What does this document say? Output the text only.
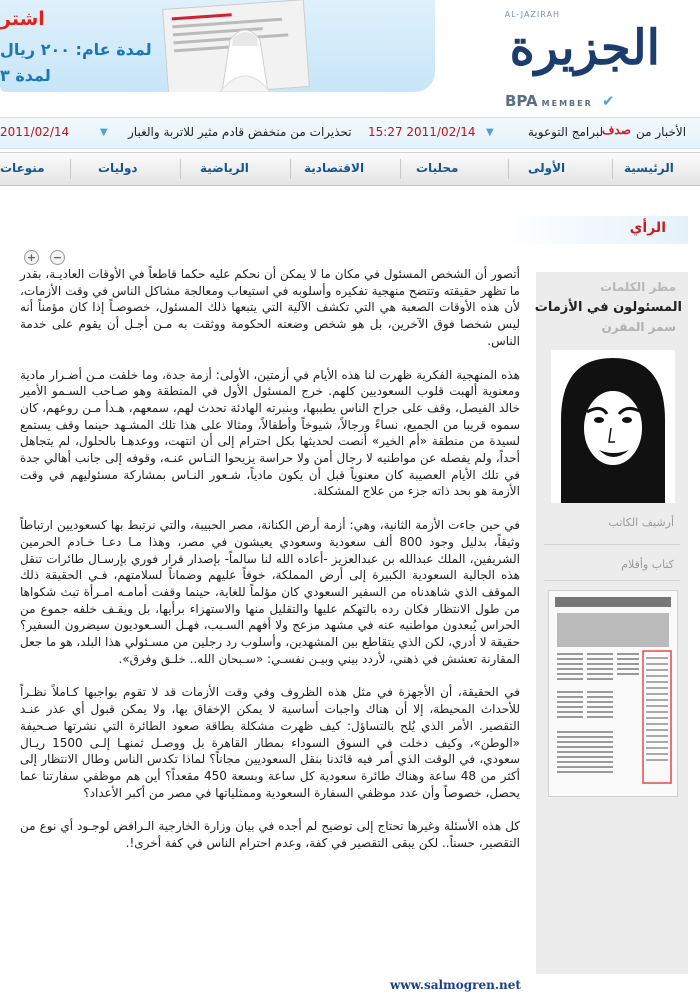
اشتر
لمدة عام: ٢٠٠ ريال
لمدة ٣
AL-JAZIRAH
الجزيرة
BPA MEMBER ✔
2011/02/14	▼ تحذيرات من منخفض قادم مثير للاتربة والغبار 15:27 2011/02/14 ▼	لبرامج التوعوية
صدف الأخبار من
الرئيسية
الأولى
محليات
الاقتصادية
الرياضية
دوليات
منوعات
الرأي
+ −

أتصور أن الشخص المسئول في مكان ما لا يمكن أن نحكم عليه حكما قاطعاً في الأوقات العاديـة، بقدر ما تظهر حقيقته وتتضح منهجية تفكيره وأسلوبه في استيعاب ومعالجة مشاكل الناس في وقت الأزمات، لأن هذه الأوقات الصعبة هي التي تكشف الآلية التي يتبعها ذلك المسئول، خصوصـاً إذا كان مؤمناً أنه ليس شخصا فوق الآخرين، بل هو شخص وضعته الحكومة ووثقت به مـن أجـل أن يقوم على خدمة الناس.

هذه المنهجية الفكرية ظهرت لنا هذه الأيام في أزمتين، الأولى: أزمة جدة، وما خلفت مـن أضـرار مادية ومعنوية ألهبت قلوب السعوديين كلهم. خرج المسئول الأول في المنطقة وهو صـاحب السـمو الأمير خالد الفيصل، وقف على جراح الناس يطببها، وبنبرته الهادئة تحدث لهم، سمعهم، هـدأ مـن روعهم، كان سموه قريبا من الجميع، نساءً ورجالاً، شيوخاً وأطفالاً، ومثالا على هذا تلك المشـهد حينما وقف يستمع لسيدة من منطقة «أم الخير» أنصت لحديثها بكل احترام إلى أن انتهت، ووعدهـا بالحلول، لم يتجاهل أحداً، ولم يفصله عن مواطنيه لا رجال أمن ولا حراسة يزيحوا النـاس عنـه، وقوفه إلى جانب أهالي جدة في تلك الأيام العصيبة كان معنوياً قبل أن يكون مادياً، شـعور النـاس بمشاركة مسئوليهم في وقت الأزمة هو بحد ذاته جزء من علاج المشكلة.

في حين جاءت الأزمة الثانية، وهي: أزمة أرض الكنانة، مصر الحبيبة، والتي نرتبط بها كسعوديين ارتباطاً وثيقاً، بدليل وجود 800 ألف سعودية وسعودي يعيشون في مصر، وهذا مـا دعـا خـادم الحرمين الشريفين، الملك عبدالله بن عبدالعزيز -أعاده الله لنا سالماً- بإصدار قرار فوري بإرسـال طائرات تنقل هذه الجالية السعودية الكبيرة إلى أرض المملكة، خوفاً عليهم وضماناً لسلامتهم، فـي الحقيقة ذلك الموقف الذي شاهدناه من السفير السعودي كان مؤلماً للغاية، حينما وقفت أمامـه امـرأة تبث شكواها من طول الانتظار فكان رده بالتهكم عليها والتقليل منها والاستهزاء برأيها، بل ويقـف خلفه جموع من الحراس يُبعدون مواطنيه عنه في مشهد مزعج ولا أفهم السـبب، فهـل السـعوديون سيضرون السفير؟ حقيقة لا أدري، لكن الذي يتقاطع بين المشهدين، وأسلوب رد رجلين من مسـئولي هذا البلد، هو ما جعل المقارنة تعشش في ذهني، لأردد بيني وبيـن نفسـي: «سـبحان الله.. خلـق وفرق».

في الحقيقة، أن الأجهزة في مثل هذه الظروف وفي وقت الأزمات قد لا تقوم بواجبها كـاملاً نظـراً للأحداث المحيطة، إلا أن هناك واجبات أساسية لا يمكن الإخفاق بها، ولا يمكن قبول أي عذر عنـد التقصير. الأمر الذي يُلح بالتساؤل: كيف ظهرت مشكلة بطاقة صعود الطائرة التي نشرتها صـحيفة «الوطن»، وكيف دخلت في السوق السوداء بمطار القاهرة بل ووصـل ثمنهـا إلـى 1500 ريـال سعودي، في الوقت الذي أمر فيه قائدنا بنقل السعوديين مجاناً؟ لماذا تكدس الناس وطال الانتظار إلى أكثر من 48 ساعة وهناك طائرة سعودية كل ساعة وبسعة 450 مقعداً؟ أين هم موظفي سفارتنا عما يحصل، خصوصاً وأن عدد موظفي السفارة السعودية وممثلياتها في مصر من أكبر الأعداد؟

كل هذه الأسئلة وغيرها تحتاج إلى توضيح لم أجده في بيان وزارة الخارجية الـرافض لوجـود أي نوع من التقصير، حسناً.. لكن يبقى التقصير في كفة، وعدم احترام الناس في كفة أخرى!.

www.salmogren.net
مطر الكلمات
المسئولون في الأزمات
سمر المقرن
أرشيف الكاتب
كتاب وأقلام
